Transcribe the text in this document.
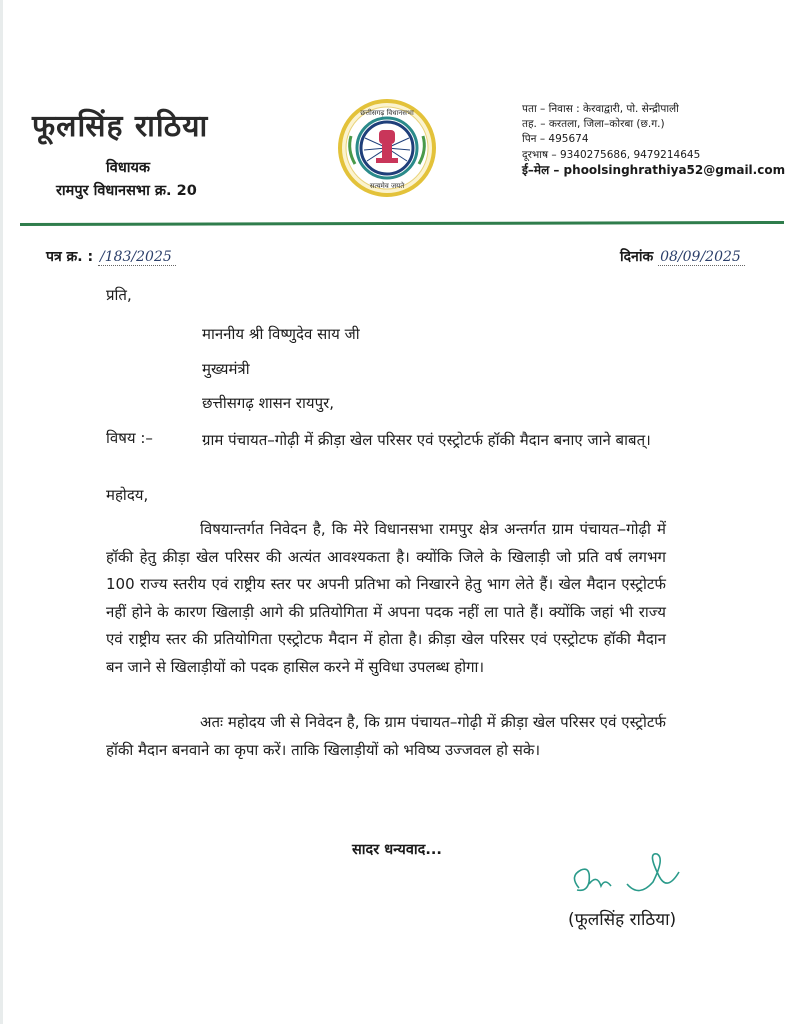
फूलसिंह राठिया
विधायक
रामपुर विधानसभा क्र. 20
छत्तीसगढ़ विधानसभा
सत्यमेव जयते
पता – निवास : केरवाद्वारी, पो. सेन्द्रीपाली
तह. – करतला, जिला–कोरबा (छ.ग.)
पिन – 495674
दूरभाष – 9340275686, 9479214645
ई–मेल – phoolsinghrathiya52@gmail.com
पत्र क्र. : /183/2025	दिनांक 08/09/2025
प्रति,
माननीय श्री विष्णुदेव साय जी
मुख्यमंत्री
छत्तीसगढ़ शासन रायपुर,
विषय :–	ग्राम पंचायत–गोढ़ी में क्रीड़ा खेल परिसर एवं एस्ट्रोटर्फ हॉकी मैदान बनाए जाने बाबत्।
महोदय,
विषयान्तर्गत निवेदन है, कि मेरे विधानसभा रामपुर क्षेत्र अन्तर्गत ग्राम पंचायत–गोढ़ी में हॉकी हेतु क्रीड़ा खेल परिसर की अत्यंत आवश्यकता है। क्योंकि जिले के खिलाड़ी जो प्रति वर्ष लगभग 100 राज्य स्तरीय एवं राष्ट्रीय स्तर पर अपनी प्रतिभा को निखारने हेतु भाग लेते हैं। खेल मैदान एस्ट्रोटर्फ नहीं होने के कारण खिलाड़ी आगे की प्रतियोगिता में अपना पदक नहीं ला पाते हैं। क्योंकि जहां भी राज्य एवं राष्ट्रीय स्तर की प्रतियोगिता एस्ट्रोटफ मैदान में होता है। क्रीड़ा खेल परिसर एवं एस्ट्रोटफ हॉकी मैदान बन जाने से खिलाड़ीयों को पदक हासिल करने में सुविधा उपलब्ध होगा।
अतः महोदय जी से निवेदन है, कि ग्राम पंचायत–गोढ़ी में क्रीड़ा खेल परिसर एवं एस्ट्रोटर्फ हॉकी मैदान बनवाने का कृपा करें। ताकि खिलाड़ीयों को भविष्य उज्जवल हो सके।
सादर धन्यवाद...
(फूलसिंह राठिया)
